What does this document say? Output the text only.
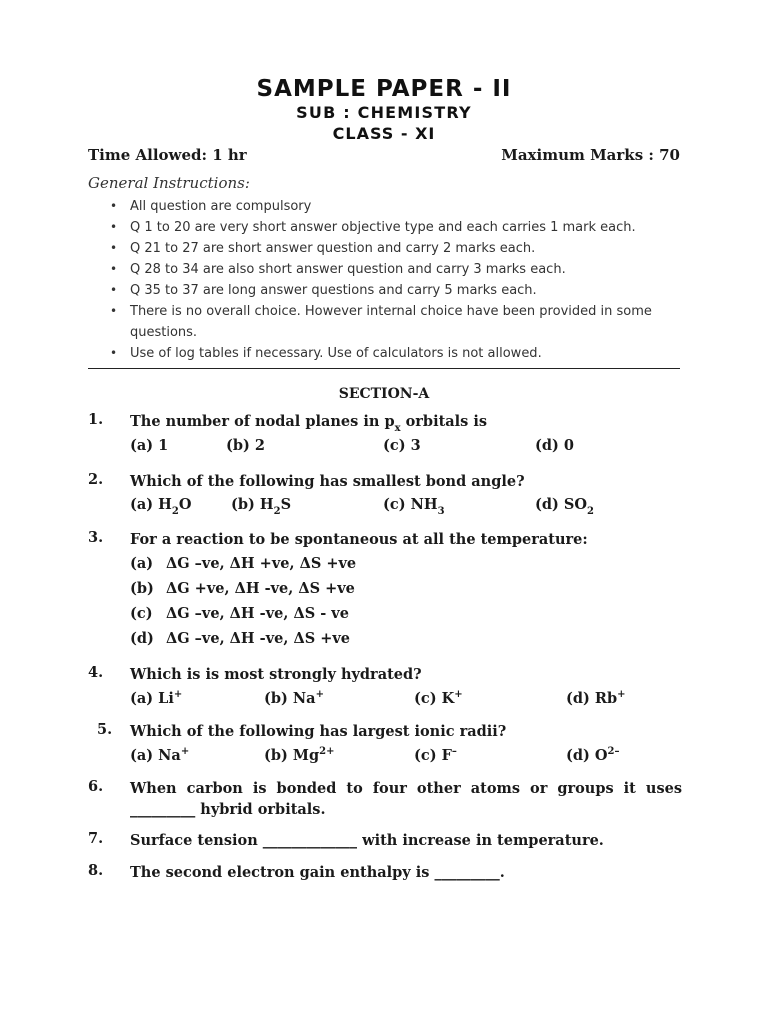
SAMPLE PAPER - II
SUB : CHEMISTRY
CLASS - XI
Time Allowed: 1 hr	Maximum Marks : 70
General Instructions:
• All question are compulsory
• Q 1 to 20 are very short answer objective type and each carries 1 mark each.
• Q 21 to 27 are short answer question and carry 2 marks each.
• Q 28 to 34 are also short answer question and carry 3 marks each.
• Q 35 to 37 are long answer questions and carry 5 marks each.
• There is no overall choice. However internal choice have been provided in some questions.
• Use of log tables if necessary. Use of calculators is not allowed.
SECTION-A
1. The number of nodal planes in $p_x$ orbitals is
(a) 1	(b) 2	(c) 3	(d) 0
2. Which of the following has smallest bond angle?
(a) $H_2O$	(b) $H_2S$	(c) $NH_3$	(d) $SO_2$
3. For a reaction to be spontaneous at all the temperature:
(a) ΔG –ve, ΔH +ve, ΔS +ve
(b) ΔG +ve, ΔH -ve, ΔS +ve
(c) ΔG –ve, ΔH -ve, ΔS - ve
(d) ΔG –ve, ΔH -ve, ΔS +ve
4. Which is is most strongly hydrated?
(a) Li+	(b) Na+	(c) K+	(d) Rb+
5. Which of the following has largest ionic radii?
(a) Na+	(b) $Mg^{2+}$	(c) F–	(d) $O^{2-}$
6. When carbon is bonded to four other atoms or groups it uses _________ hybrid orbitals.
7. Surface tension _____________ with increase in temperature.
8. The second electron gain enthalpy is _________.
